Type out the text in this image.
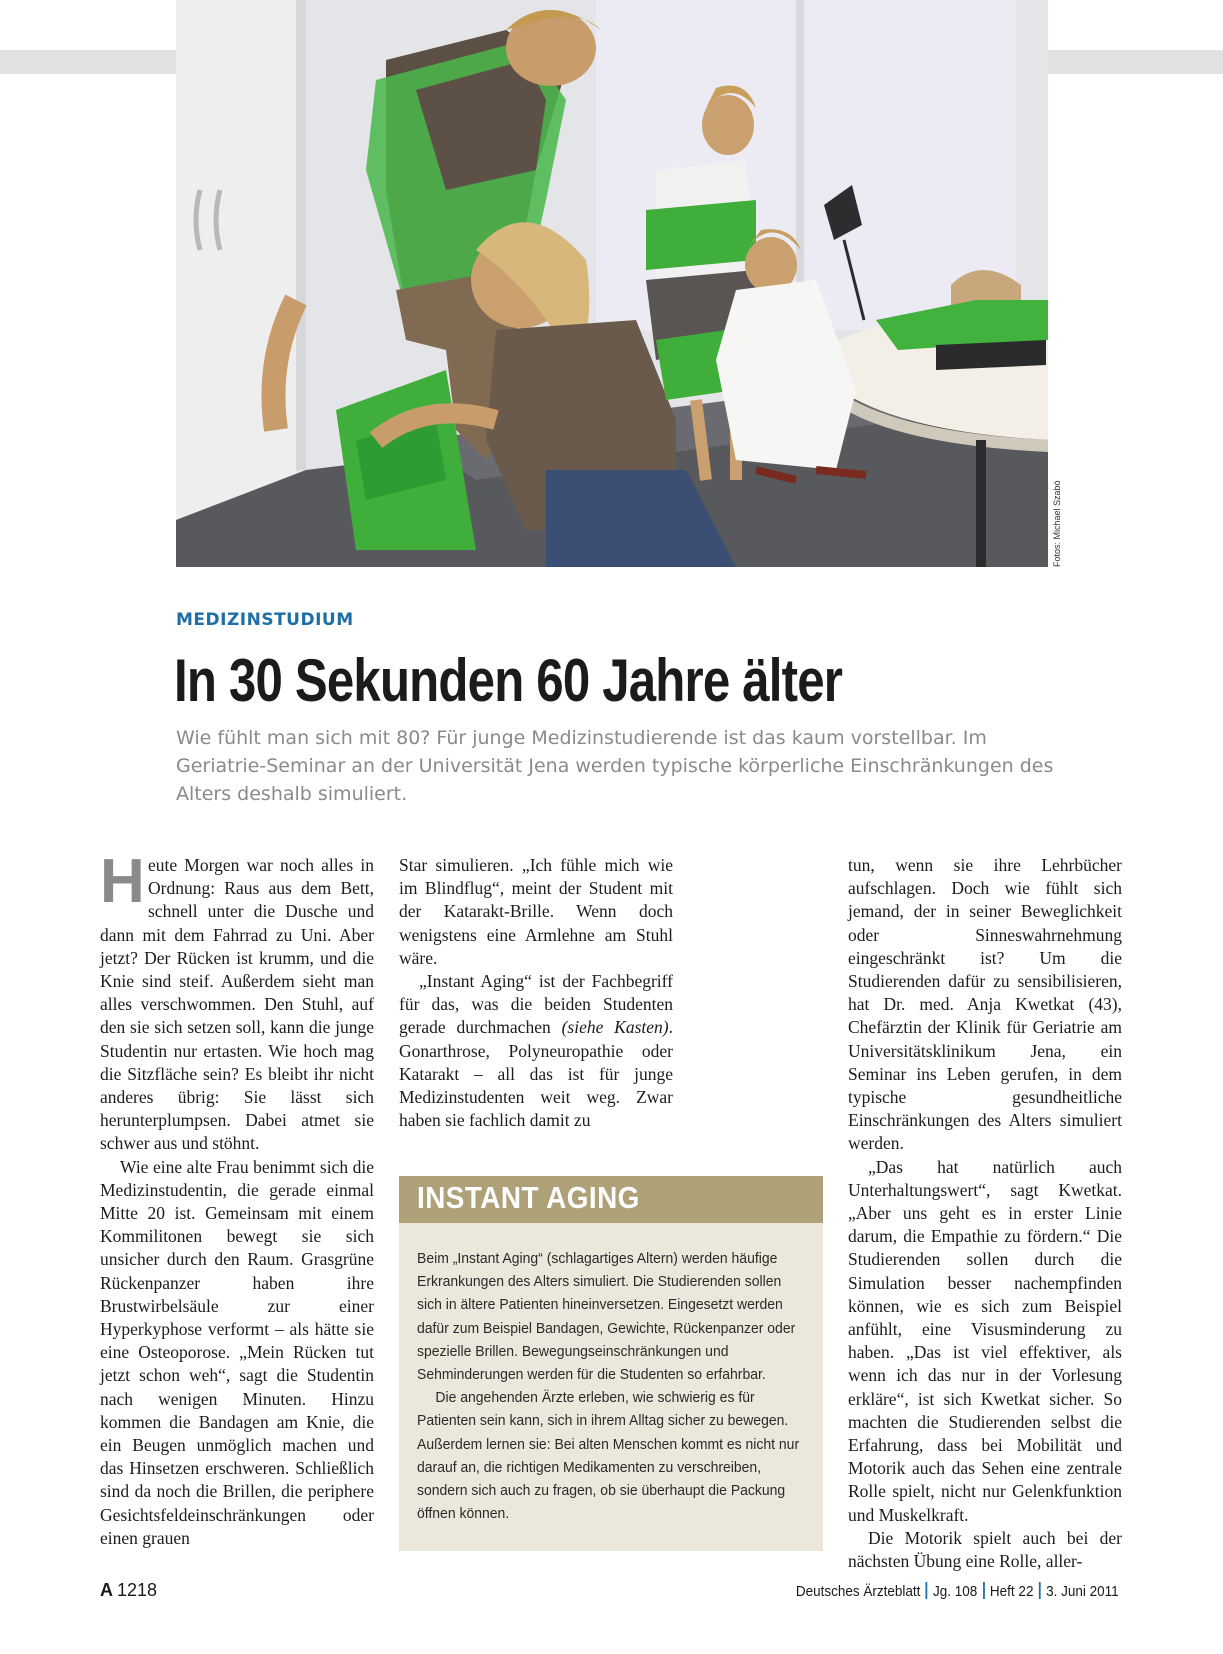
Fotos: Michael Szabó
MEDIZINSTUDIUM
In 30 Sekunden 60 Jahre älter
Wie fühlt man sich mit 80? Für junge Medizinstudierende ist das kaum vorstellbar. Im Geriatrie-Seminar an der Universität Jena werden typische körperliche Einschränkungen des Alters deshalb simuliert.

H eute Morgen war noch alles in Ordnung: Raus aus dem Bett, schnell unter die Dusche und dann mit dem Fahrrad zu Uni. Aber jetzt? Der Rücken ist krumm, und die Knie sind steif. Außerdem sieht man alles verschwommen. Den Stuhl, auf den sie sich setzen soll, kann die junge Studentin nur ertasten. Wie hoch mag die Sitzfläche sein? Es bleibt ihr nicht anderes übrig: Sie lässt sich herunterplumpsen. Dabei atmet sie schwer aus und stöhnt.

Wie eine alte Frau benimmt sich die Medizinstudentin, die gerade einmal Mitte 20 ist. Gemeinsam mit einem Kommilitonen bewegt sie sich unsicher durch den Raum. Grasgrüne Rückenpanzer haben ihre Brustwirbelsäule zur einer Hyperkyphose verformt – als hätte sie eine Osteoporose. „Mein Rücken tut jetzt schon weh“, sagt die Studentin nach wenigen Minuten. Hinzu kommen die Bandagen am Knie, die ein Beugen unmöglich machen und das Hinsetzen erschweren. Schließlich sind da noch die Brillen, die periphere Gesichtsfeldeinschränkungen oder einen grauen

Star simulieren. „Ich fühle mich wie im Blindflug“, meint der Student mit der Katarakt-Brille. Wenn doch wenigstens eine Armlehne am Stuhl wäre.

„Instant Aging“ ist der Fachbegriff für das, was die beiden Studenten gerade durchmachen (siehe Kasten). Gonarthrose, Polyneuropathie oder Katarakt – all das ist für junge Medizinstudenten weit weg. Zwar haben sie fachlich damit zu

INSTANT AGING

Beim „Instant Aging“ (schlagartiges Altern) werden häufige Erkrankungen des Alters simuliert. Die Studierenden sollen sich in ältere Patienten hineinversetzen. Eingesetzt werden dafür zum Beispiel Bandagen, Gewichte, Rückenpanzer oder spezielle Brillen. Bewegungseinschränkungen und Sehminderungen werden für die Studenten so erfahrbar.

Die angehenden Ärzte erleben, wie schwierig es für Patienten sein kann, sich in ihrem Alltag sicher zu bewegen. Außerdem lernen sie: Bei alten Menschen kommt es nicht nur darauf an, die richtigen Medikamenten zu verschreiben, sondern sich auch zu fragen, ob sie überhaupt die Packung öffnen können.

tun, wenn sie ihre Lehrbücher aufschlagen. Doch wie fühlt sich jemand, der in seiner Beweglichkeit oder Sinneswahrnehmung eingeschränkt ist? Um die Studierenden dafür zu sensibilisieren, hat Dr. med. Anja Kwetkat (43), Chefärztin der Klinik für Geriatrie am Universitätsklinikum Jena, ein Seminar ins Leben gerufen, in dem typische gesundheitliche Einschränkungen des Alters simuliert werden.

„Das hat natürlich auch Unterhaltungswert“, sagt Kwetkat. „Aber uns geht es in erster Linie darum, die Empathie zu fördern.“ Die Studierenden sollen durch die Simulation besser nachempfinden können, wie es sich zum Beispiel anfühlt, eine Visusminderung zu haben. „Das ist viel effektiver, als wenn ich das nur in der Vorlesung erkläre“, ist sich Kwetkat sicher. So machten die Studierenden selbst die Erfahrung, dass bei Mobilität und Motorik auch das Sehen eine zentrale Rolle spielt, nicht nur Gelenkfunktion und Muskelkraft.

Die Motorik spielt auch bei der nächsten Übung eine Rolle, aller-

A 1218	Deutsches Ärzteblatt Jg. 108 Heft 22 3. Juni 2011
